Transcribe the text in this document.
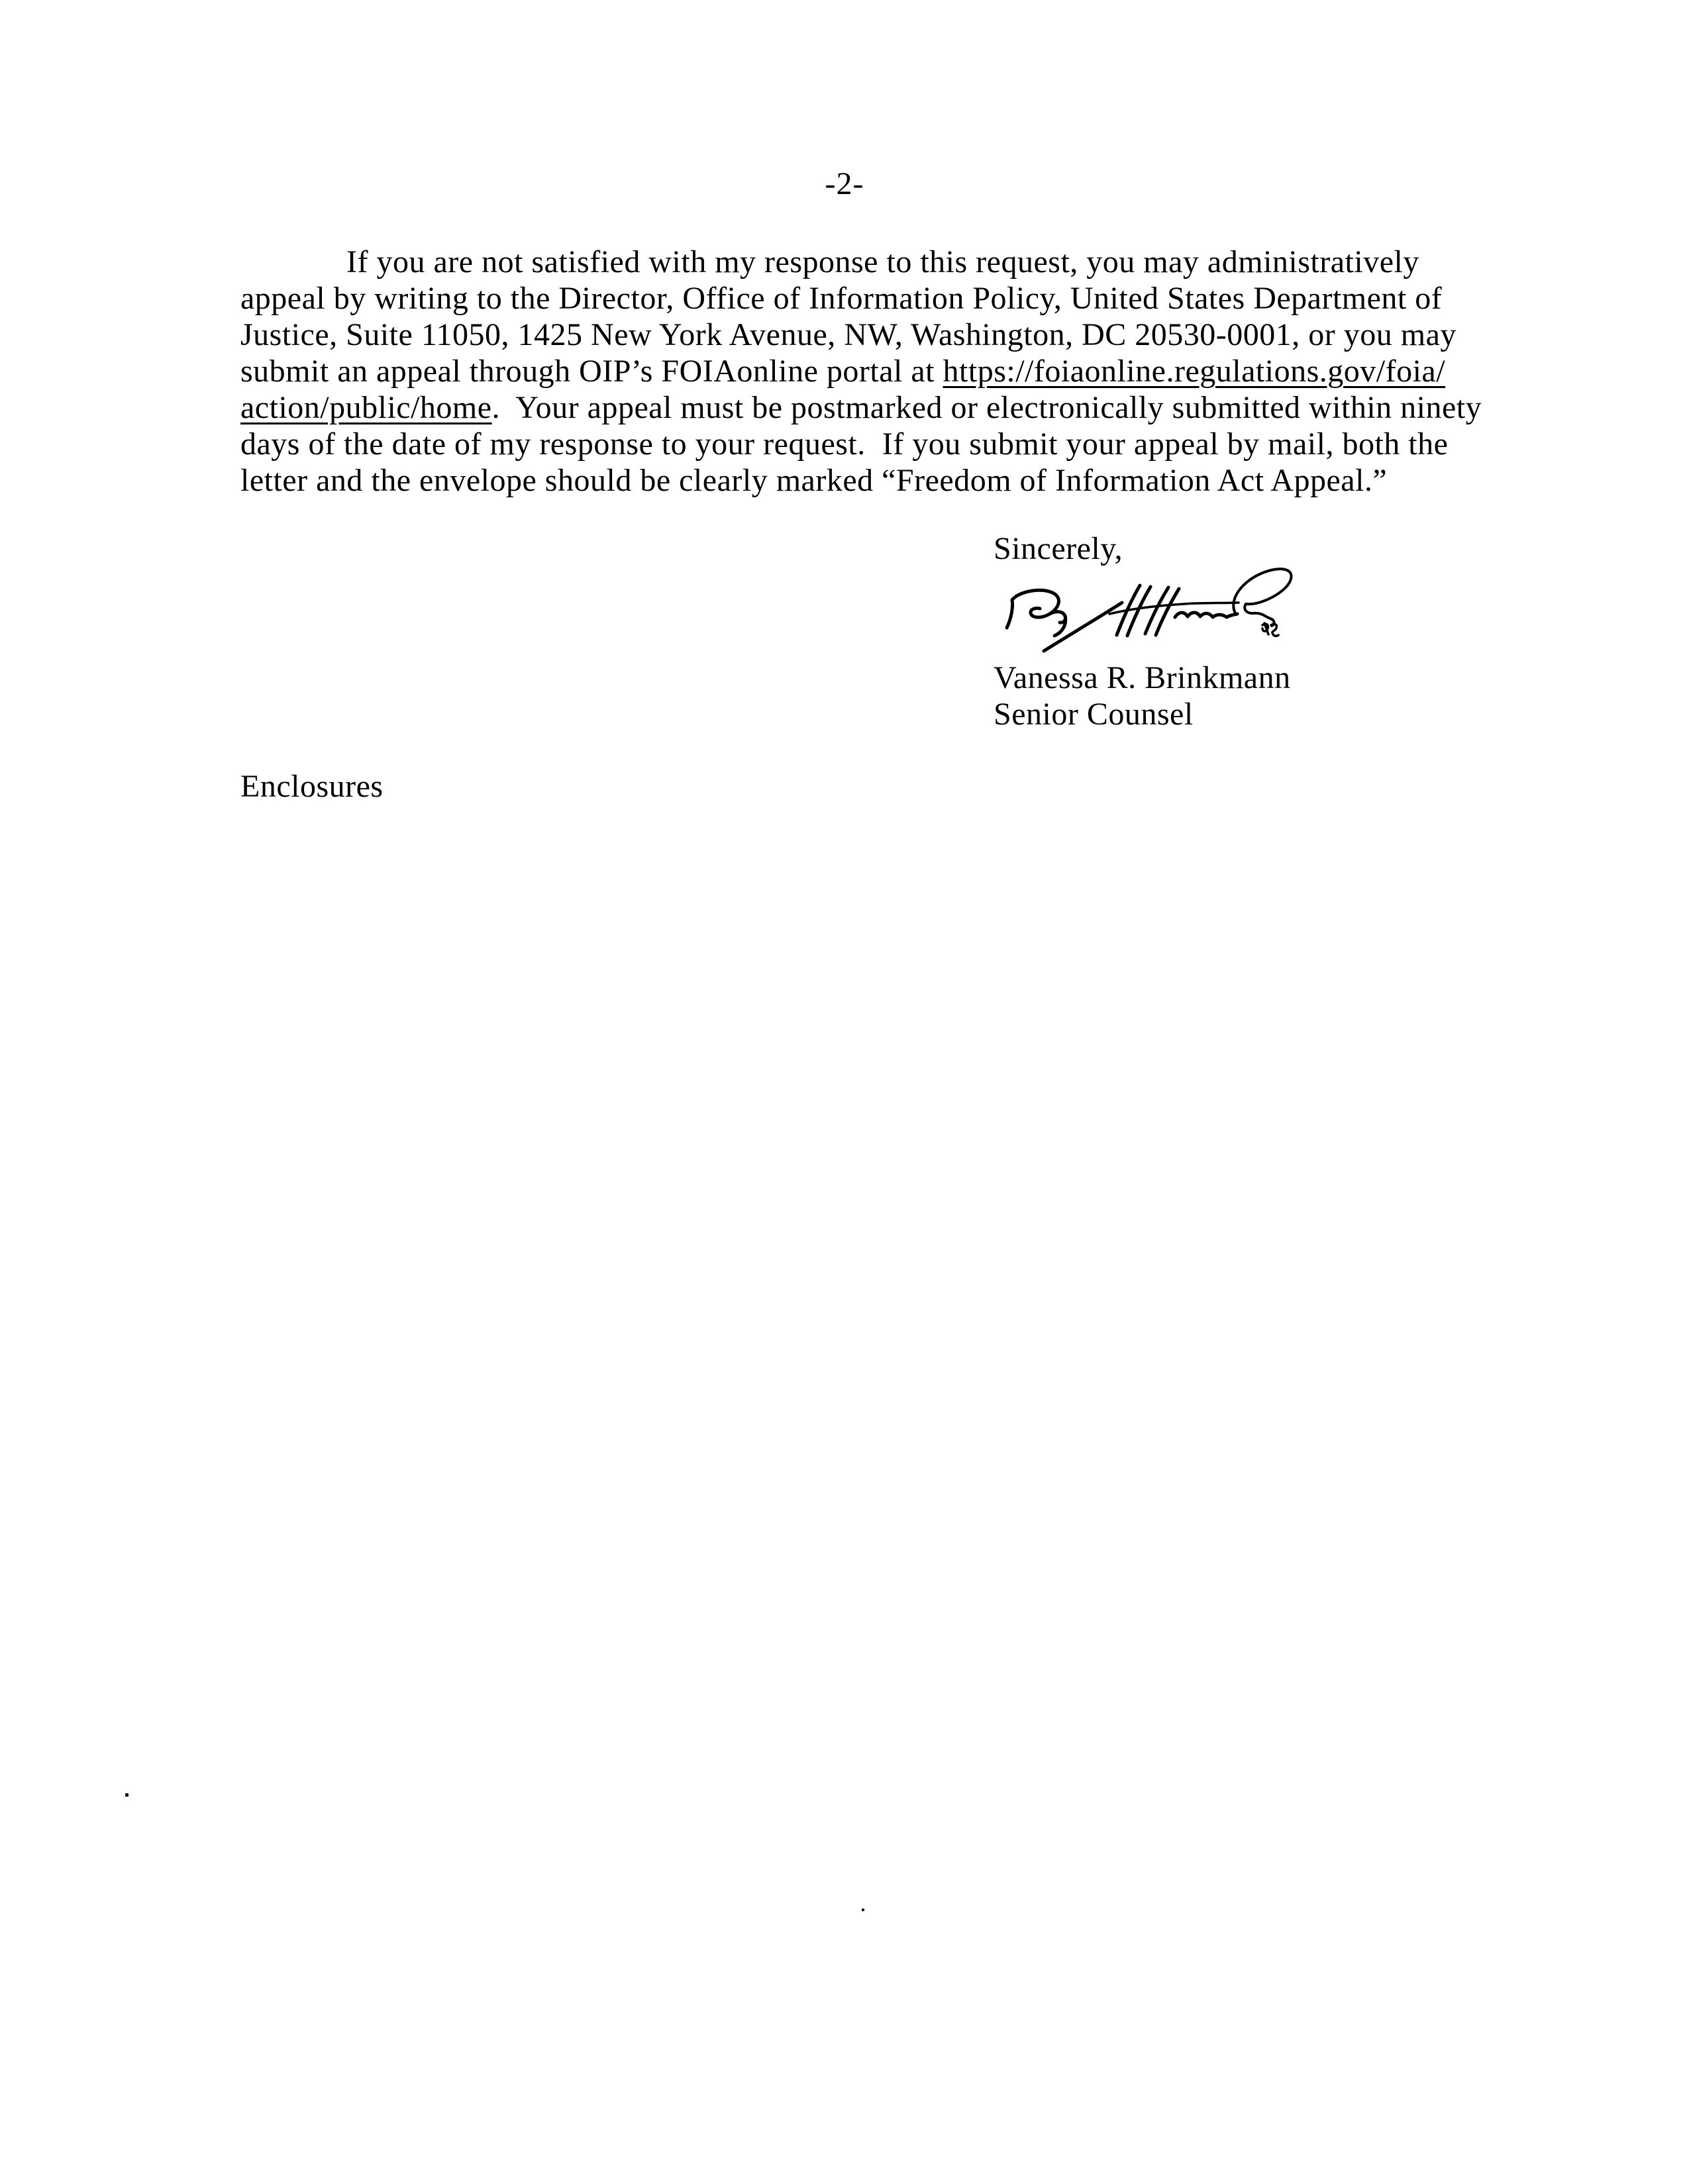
-2-
If you are not satisfied with my response to this request, you may administratively
appeal by writing to the Director, Office of Information Policy, United States Department of
Justice, Suite 11050, 1425 New York Avenue, NW, Washington, DC 20530-0001, or you may
submit an appeal through OIP’s FOIAonline portal at https://foiaonline.regulations.gov/foia/
action/public/home.  Your appeal must be postmarked or electronically submitted within ninety
days of the date of my response to your request.  If you submit your appeal by mail, both the
letter and the envelope should be clearly marked “Freedom of Information Act Appeal.”
Sincerely,
Vanessa R. Brinkmann
Senior Counsel
Enclosures
